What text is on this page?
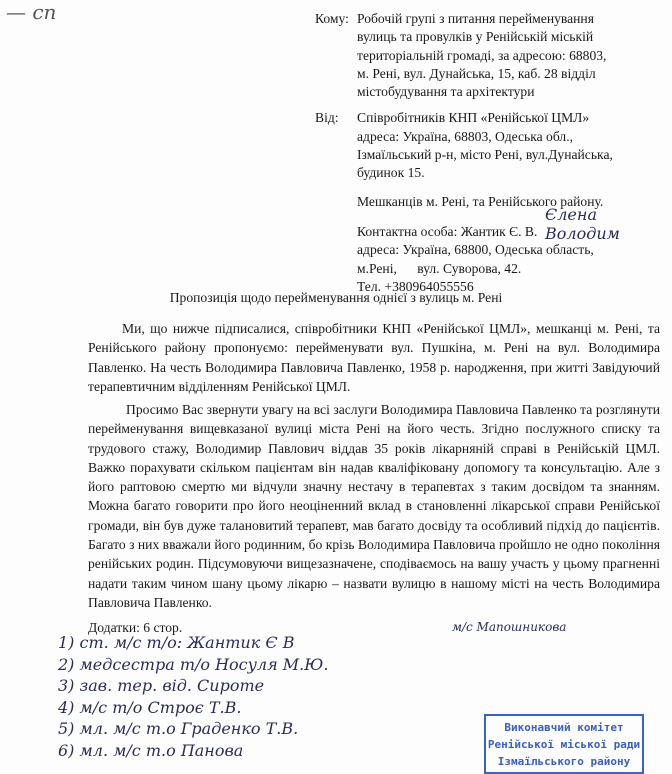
— сп	Кому: Робочій групі з питання перейменування

вулиць та провулків у Ренійській міській

територіальній громаді, за адресою: 68803,

м. Рені, вул. Дунайська, 15, каб. 28 відділ

містобудування та архітектури

Від:	Співробітників КНП «Ренійської ЦМЛ»

адреса: Україна, 68803, Одеська обл.,

Ізмаїльський р-н, місто Рені, вул.Дунайська,

будинок 15.

Мешканців м. Рені, та Ренійського району.

Контактна особа: Жантик Є. В.

адреса: Україна, 68800, Одеська область,

м.Рені,      вул. Суворова, 42.

Тел. +380964055556

Єлена Володим
Пропозиція щодо перейменування однієї з вулиць м. Рені

Ми, що нижче підписалися, співробітники КНП «Ренійської ЦМЛ», мешканці м. Рені, та Ренійського району пропонуємо: перейменувати вул. Пушкіна, м. Рені на вул. Володимира Павленко. На честь Володимира Павловича Павленко, 1958 р. народження, при житті Завідуючий терапевтичним відділенням Ренійської ЦМЛ.

Просимо Вас звернути увагу на всі заслуги Володимира Павловича Павленко та розглянути перейменування вищевказаної вулиці міста Рені на його честь. Згідно послужного списку та трудового стажу, Володимир Павлович віддав 35 років лікарняній справі в Ренійській ЦМЛ. Важко порахувати скільком пацієнтам він надав кваліфіковану допомогу та консультацію. Але з його раптовою смертю ми відчули значну нестачу в терапевтах з таким досвідом та знанням. Можна багато говорити про його неоціненний вклад в становленні лікарської справи Ренійської громади, він був дуже талановитий терапевт, мав багато досвіду та особливий підхід до пацієнтів. Багато з них вважали його родинним, бо крізь Володимира Павловича пройшло не одно покоління ренійських родин. Підсумовуючи вищезазначене, сподіваємось на вашу участь у цьому прагненні надати таким чином шану цьому лікарю – назвати вулицю в нашому місті на честь Володимира Павловича Павленко.

Додатки: 6 стор.
1) ст. м/с т/о: Жантик Є В
2) медсестра т/о Носуля М.Ю.
3) зав. тер. від. Сироте
4) м/с т/о Строє Т.В.
5) мл. м/с т.о Граденко Т.В.
6) мл. м/с т.о Панова
м/с Мапошникова
Виконавчий комітет
Ренійської міської ради
Ізмаїльського району
